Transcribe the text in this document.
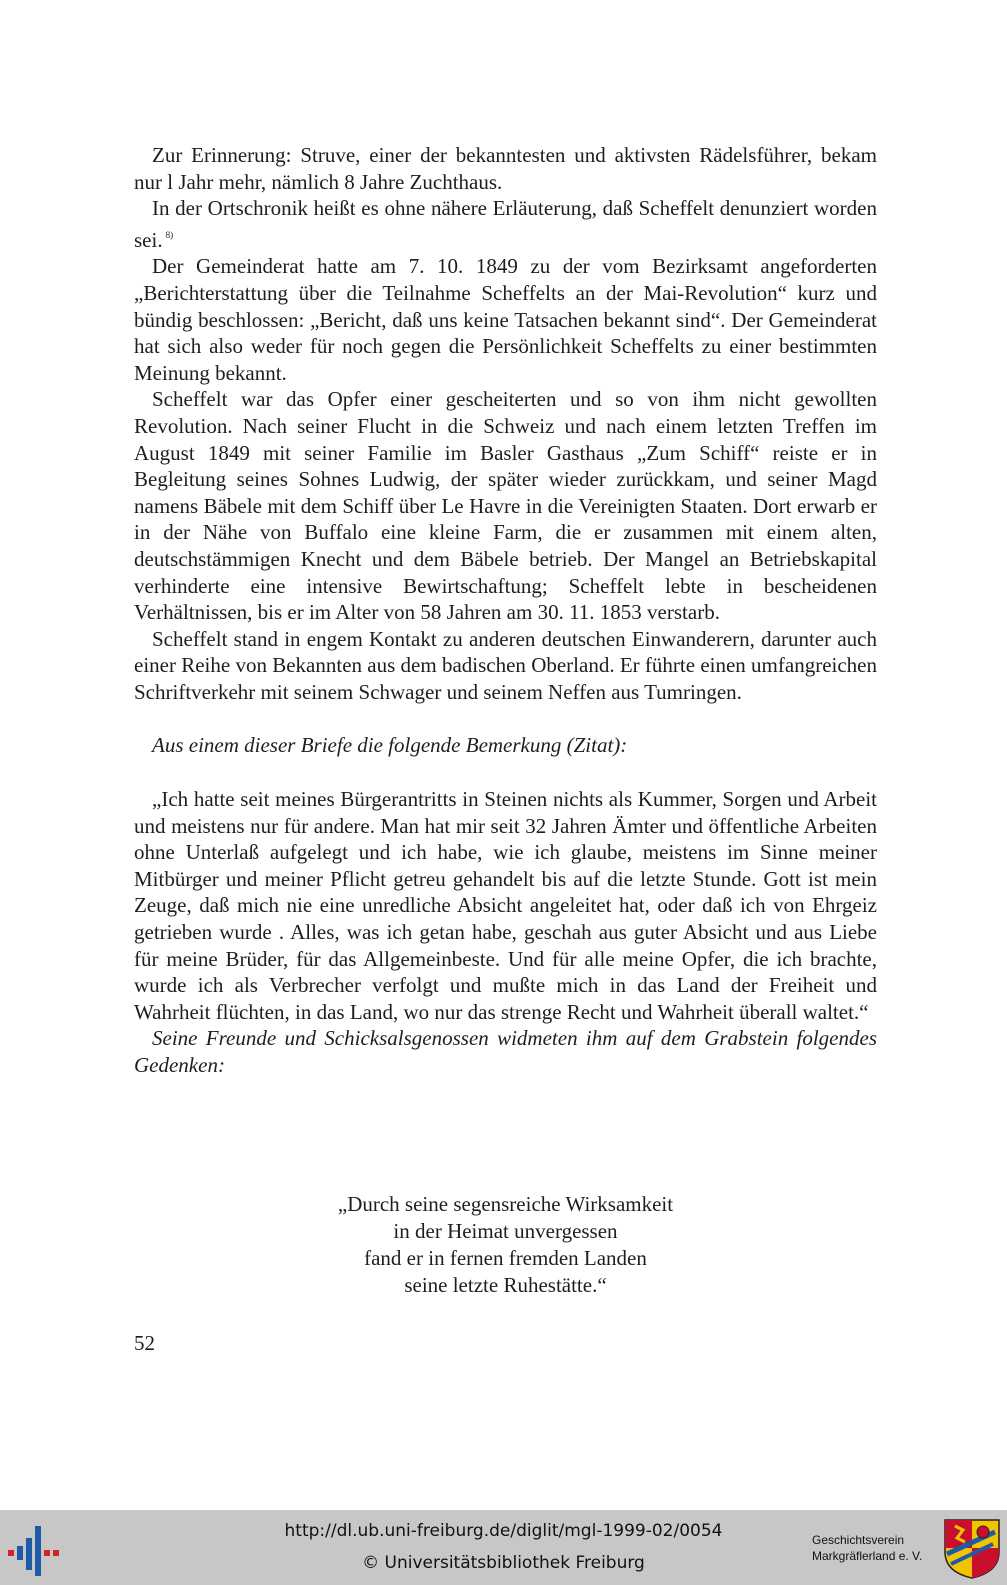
Zur Erinnerung: Struve, einer der bekanntesten und aktivsten Rädelsführer, bekam nur l Jahr mehr, nämlich 8 Jahre Zuchthaus.

In der Ortschronik heißt es ohne nähere Erläuterung, daß Scheffelt denunziert worden sei. $^{8)}$

Der Gemeinderat hatte am 7. 10. 1849 zu der vom Bezirksamt angeforderten „Berichterstattung über die Teilnahme Scheffelts an der Mai-Revolution“ kurz und bündig beschlossen: „Bericht, daß uns keine Tatsachen bekannt sind“. Der Gemeinderat hat sich also weder für noch gegen die Persönlichkeit Scheffelts zu einer bestimmten Meinung bekannt.

Scheffelt war das Opfer einer gescheiterten und so von ihm nicht gewollten Revolution. Nach seiner Flucht in die Schweiz und nach einem letzten Treffen im August 1849 mit seiner Familie im Basler Gasthaus „Zum Schiff“ reiste er in Begleitung seines Sohnes Ludwig, der später wieder zurückkam, und seiner Magd namens Bäbele mit dem Schiff über Le Havre in die Vereinigten Staaten. Dort erwarb er in der Nähe von Buffalo eine kleine Farm, die er zusammen mit einem alten, deutschstämmigen Knecht und dem Bäbele betrieb. Der Mangel an Betriebskapital verhinderte eine intensive Bewirtschaftung; Scheffelt lebte in bescheidenen Verhältnissen, bis er im Alter von 58 Jahren am 30. 11. 1853 verstarb.

Scheffelt stand in engem Kontakt zu anderen deutschen Einwanderern, darunter auch einer Reihe von Bekannten aus dem badischen Oberland. Er führte einen umfangreichen Schriftverkehr mit seinem Schwager und seinem Neffen aus Tumringen.

Aus einem dieser Briefe die folgende Bemerkung (Zitat):

„Ich hatte seit meines Bürgerantritts in Steinen nichts als Kummer, Sorgen und Arbeit und meistens nur für andere. Man hat mir seit 32 Jahren Ämter und öffentliche Arbeiten ohne Unterlaß aufgelegt und ich habe, wie ich glaube, meistens im Sinne meiner Mitbürger und meiner Pflicht getreu gehandelt bis auf die letzte Stunde. Gott ist mein Zeuge, daß mich nie eine unredliche Absicht angeleitet hat, oder daß ich von Ehrgeiz getrieben wurde . Alles, was ich getan habe, geschah aus guter Absicht und aus Liebe für meine Brüder, für das Allgemeinbeste. Und für alle meine Opfer, die ich brachte, wurde ich als Verbrecher verfolgt und mußte mich in das Land der Freiheit und Wahrheit flüchten, in das Land, wo nur das strenge Recht und Wahrheit überall waltet.“

Seine Freunde und Schicksalsgenossen widmeten ihm auf dem Grabstein folgendes Gedenken:

„Durch seine segensreiche Wirksamkeit
in der Heimat unvergessen
fand er in fernen fremden Landen
seine letzte Ruhestätte.“
52
http://dl.ub.uni-freiburg.de/diglit/mgl-1999-02/0054
© Universitätsbibliothek Freiburg
Geschichtsverein
Markgräflerland e. V.
